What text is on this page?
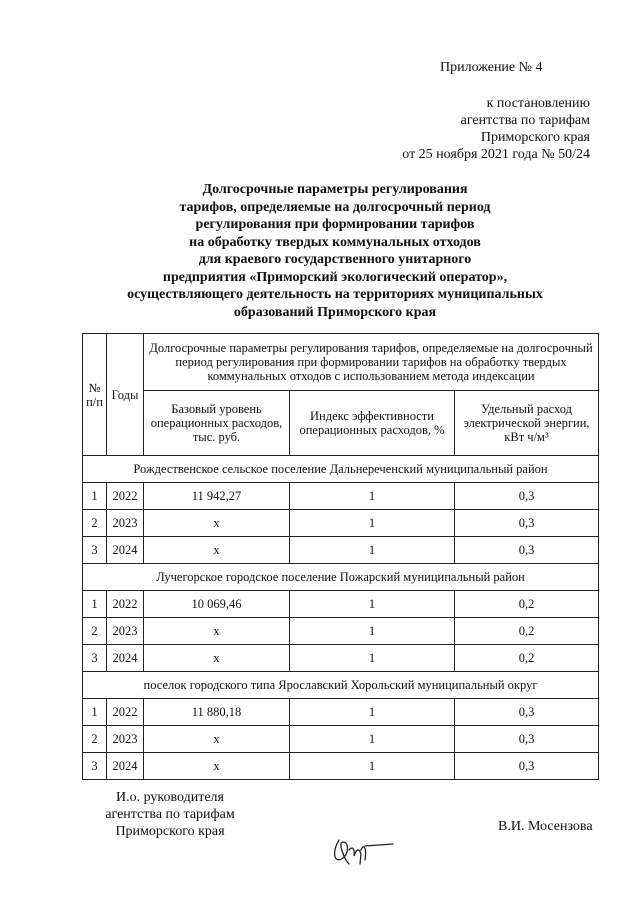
Приложение № 4
к постановлению
агентства по тарифам
Приморского края
от 25 ноября 2021 года № 50/24
Долгосрочные параметры регулирования
тарифов, определяемые на долгосрочный период
регулирования при формировании тарифов
на обработку твердых коммунальных отходов
для краевого государственного унитарного
предприятия «Приморский экологический оператор»,
осуществляющего деятельность на территориях муниципальных
образований Приморского края
№ п/п	Годы	Долгосрочные параметры регулирования тарифов, определяемые на долгосрочный период регулирования при формировании тарифов на обработку твердых коммунальных отходов с использованием метода индексации		
		Базовый уровень операционных расходов, тыс. руб.	Индекс эффективности операционных расходов, %	Удельный расход электрической энергии, кВт ч/м³
Рождественское сельское поселение Дальнереченский муниципальный район				
1	2022	11 942,27	1	0,3
2	2023	х	1	0,3
3	2024	х	1	0,3
Лучегорское городское поселение Пожарский муниципальный район				
1	2022	10 069,46	1	0,2
2	2023	х	1	0,2
3	2024	х	1	0,2
поселок городского типа Ярославский Хорольский муниципальный округ				
1	2022	11 880,18	1	0,3
2	2023	х	1	0,3
3	2024	х	1	0,3
И.о. руководителя
агентства по тарифам
Приморского края	В.И. Мосензова
